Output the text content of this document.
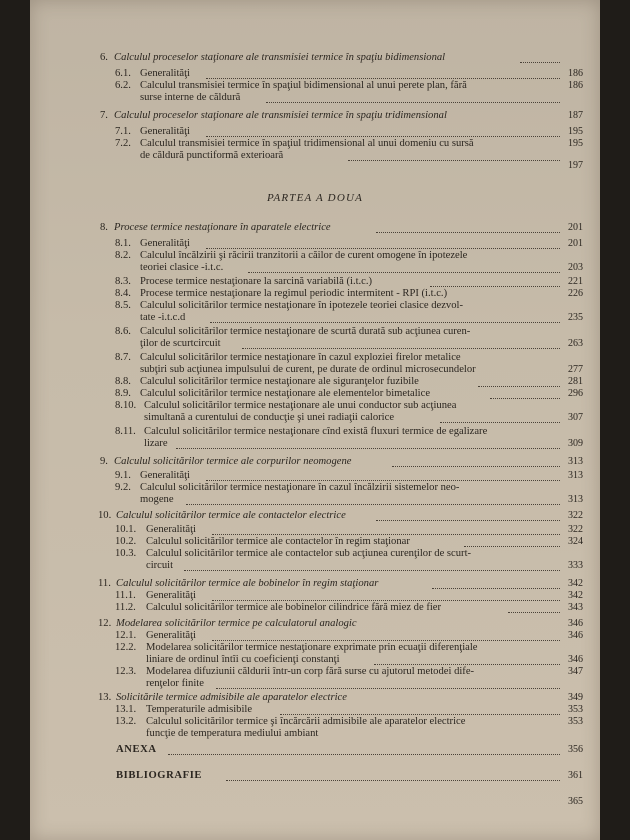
6. Calculul proceselor staţionare ale transmisiei termice în spaţiu bidimensional
6.1. Generalităţi	186
6.2. Calculul transmisiei termice în spaţiul bidimensional al unui perete plan, fără	186
surse interne de căldură
7. Calculul proceselor staţionare ale transmisiei termice în spaţiu tridimensional	187
7.1. Generalităţi	195
7.2. Calculul transmisiei termice în spaţiul tridimensional al unui domeniu cu sursă	195
de căldură punctiformă exterioară
197
PARTEA A DOUA
8. Procese termice nestaţionare în aparatele electrice	201
8.1. Generalităţi	201
8.2. Calculul încălzirii şi răcirii tranzitorii a căilor de curent omogene în ipotezele
teoriei clasice -i.t.c.	203
8.3. Procese termice nestaţionare la sarcină variabilă (i.t.c.)	221
8.4. Procese termice nestaţionare la regimul periodic intermitent - RPI (i.t.c.)	226
8.5. Calculul solicitărilor termice nestaţionare în ipotezele teoriei clasice dezvol-
tate -i.t.c.d	235
8.6. Calculul solicitărilor termice nestaţionare de scurtă durată sub acţiunea curen-
ţilor de scurtcircuit	263
8.7. Calculul solicitărilor termice nestaţionare în cazul exploziei firelor metalice
subţiri sub acţiunea impulsului de curent, pe durate de ordinul microsecundelor	277
8.8. Calculul solicitărilor termice nestaţionare ale siguranţelor fuzibile	281
8.9. Calculul solicitărilor termice nestaţionare ale elementelor bimetalice	296
8.10. Calculul solicitărilor termice nestaţionare ale unui conductor sub acţiunea
simultană a curentului de conducţie şi unei radiaţii calorice	307
8.11. Calculul solicitărilor termice nestaţionare cînd există fluxuri termice de egalizare
lizare	309
9. Calculul solicitărilor termice ale corpurilor neomogene	313
9.1. Generalităţi	313
9.2. Calculul solicitărilor termice nestaţionare în cazul încălzirii sistemelor neo-
mogene	313
10. Calculul solicitărilor termice ale contactelor electrice	322
10.1. Generalităţi	322
10.2. Calculul solicitărilor termice ale contactelor în regim staţionar	324
10.3. Calculul solicitărilor termice ale contactelor sub acţiunea curenţilor de scurt-
circuit	333
11. Calculul solicitărilor termice ale bobinelor în regim staţionar	342
11.1. Generalităţi	342
11.2. Calculul solicitărilor termice ale bobinelor cilindrice fără miez de fier	343
12. Modelarea solicitărilor termice pe calculatorul analogic	346
12.1. Generalităţi	346
12.2. Modelarea solicitărilor termice nestaţionare exprimate prin ecuaţii diferenţiale
liniare de ordinul întîi cu coeficienţi constanţi	346
12.3. Modelarea difuziunii căldurii într-un corp fără surse cu ajutorul metodei dife-	347
renţelor finite
13. Solicitările termice admisibile ale aparatelor electrice	349
13.1. Temperaturile admisibile	353
13.2. Calculul solicitărilor termice şi încărcării admisibile ale aparatelor electrice	353
funcţie de temperatura mediului ambiant
ANEXA	356
BIBLIOGRAFIE	361
365
